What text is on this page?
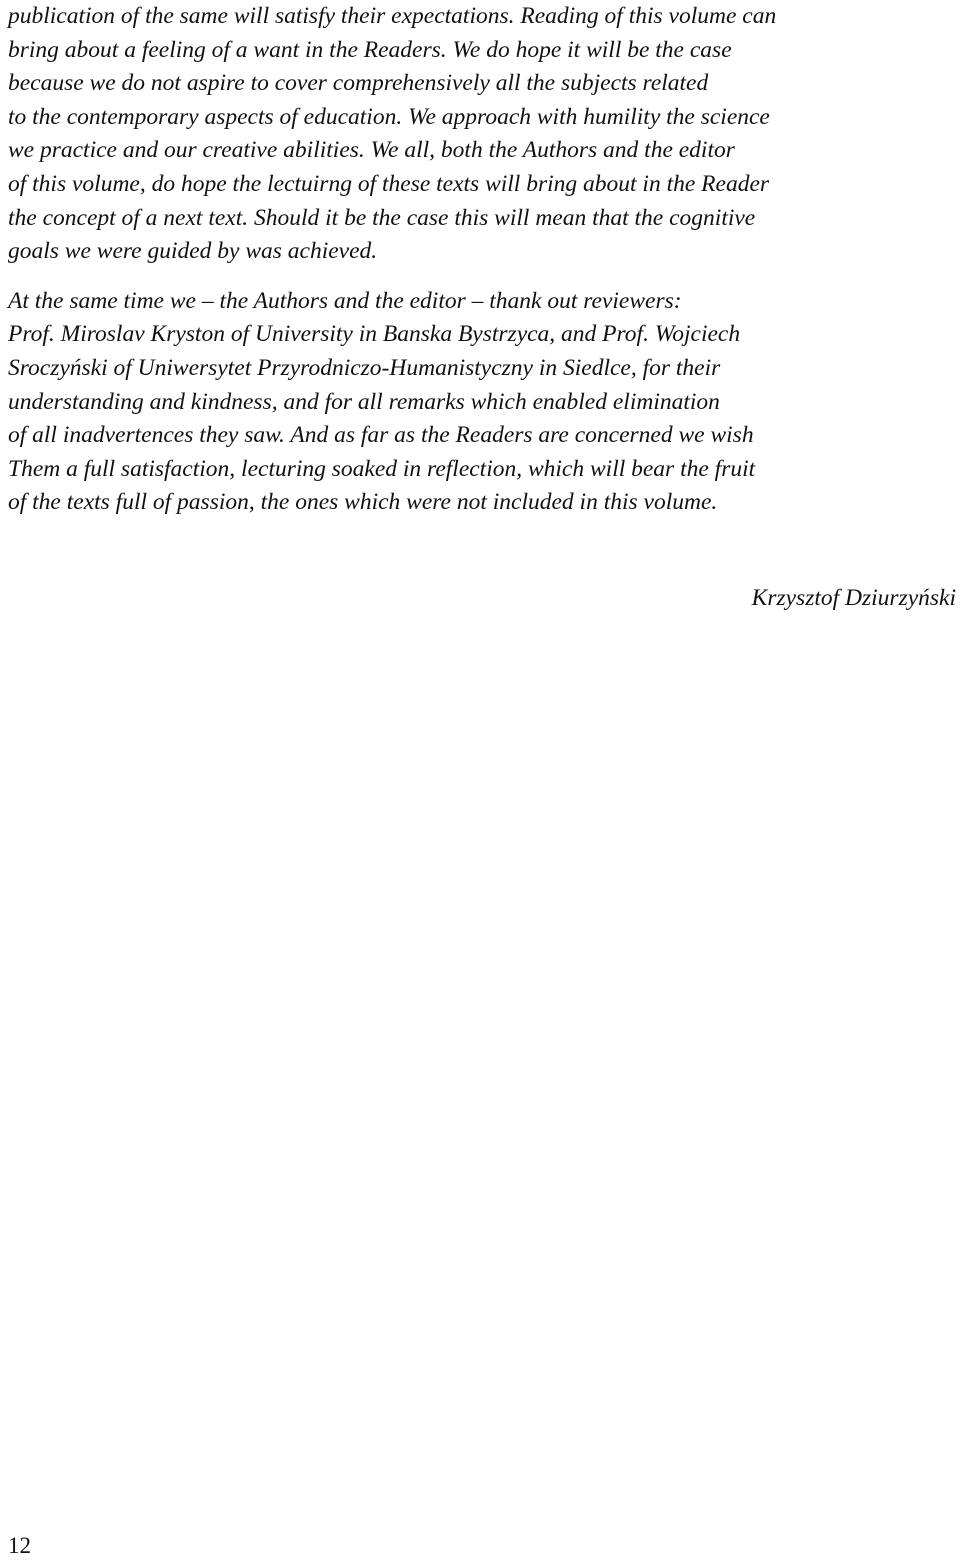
publication of the same will satisfy their expectations. Reading of this volume can
bring about a feeling of a want in the Readers. We do hope it will be the case
because we do not aspire to cover comprehensively all the subjects related
to the contemporary aspects of education. We approach with humility the science
we practice and our creative abilities. We all, both the Authors and the editor
of this volume, do hope the lectuirng of these texts will bring about in the Reader
the concept of a next text. Should it be the case this will mean that the cognitive
goals we were guided by was achieved.
At the same time we – the Authors and the editor – thank out reviewers:
Prof. Miroslav Kryston of University in Banska Bystrzyca, and Prof. Wojciech
Sroczyński of Uniwersytet Przyrodniczo-Humanistyczny in Siedlce, for their
understanding and kindness, and for all remarks which enabled elimination
of all inadvertences they saw. And as far as the Readers are concerned we wish
Them a full satisfaction, lecturing soaked in reflection, which will bear the fruit
of the texts full of passion, the ones which were not included in this volume.
Krzysztof Dziurzyński
12
